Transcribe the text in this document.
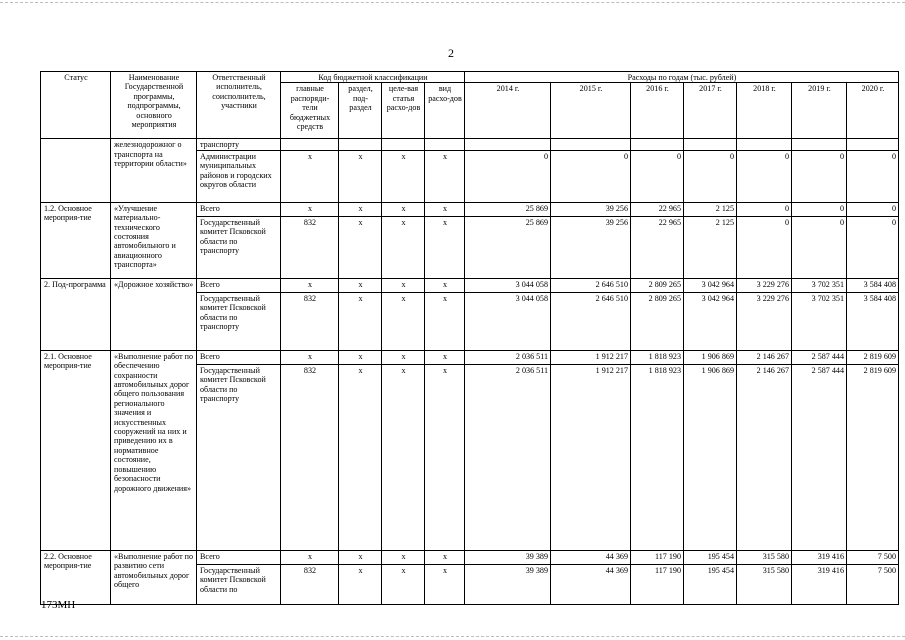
2
Статус	Наименование Государственной программы, подпрограммы, основного мероприятия	Ответственный исполнитель, соисполнитель, участники	Код бюджетной классификации				Расходы по годам (тыс. рублей)						
			главные распоряди-тели бюджетных средств	раздел, под-раздел	целе-вая статья расхо-дов	вид расхо-дов	2014 г.	2015 г.	2016 г.	2017 г.	2018 г.	2019 г.	2020 г.
	железнодорожног о транспорта на территории области»	транспорту											
		Администрации муниципальных районов и городских округов области	x	x	x	x	0	0	0	0	0	0	0
1.2. Основное мероприя-тие	«Улучшение материально-технического состояния автомобильного и авиационного транспорта»	Всего	x	x	x	x	25 869	39 256	22 965	2 125	0	0	0
		Государственный комитет Псковской области по транспорту	832	x	x	x	25 869	39 256	22 965	2 125	0	0	0
2. Под-программа	«Дорожное хозяйство»	Всего	x	x	x	x	3 044 058	2 646 510	2 809 265	3 042 964	3 229 276	3 702 351	3 584 408
		Государственный комитет Псковской области по транспорту	832	x	x	x	3 044 058	2 646 510	2 809 265	3 042 964	3 229 276	3 702 351	3 584 408
2.1. Основное мероприя-тие	«Выполнение работ по обеспечению сохранности автомобильных дорог общего пользования регионального значения и искусственных сооружений на них и приведению их в нормативное состояние, повышению безопасности дорожного движения»	Всего	x	x	x	x	2 036 511	1 912 217	1 818 923	1 906 869	2 146 267	2 587 444	2 819 609
		Государственный комитет Псковской области по транспорту	832	x	x	x	2 036 511	1 912 217	1 818 923	1 906 869	2 146 267	2 587 444	2 819 609
2.2. Основное мероприя-тие	«Выполнение работ по развитию сети автомобильных дорог общего	Всего	x	x	x	x	39 389	44 369	117 190	195 454	315 580	319 416	7 500
		Государственный комитет Псковской области по	832	x	x	x	39 389	44 369	117 190	195 454	315 580	319 416	7 500
173МН
